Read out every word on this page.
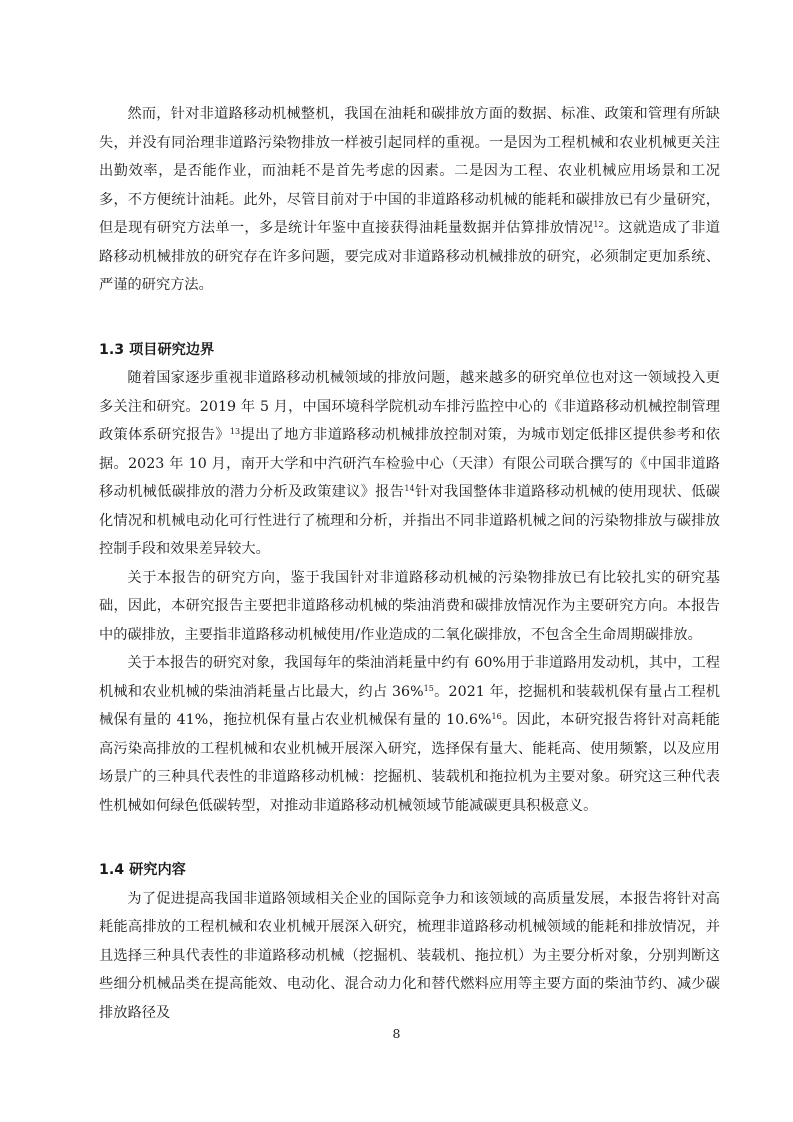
然而，针对非道路移动机械整机，我国在油耗和碳排放方面的数据、标准、政策和管理有所缺失，并没有同治理非道路污染物排放一样被引起同样的重视。一是因为工程机械和农业机械更关注出勤效率，是否能作业，而油耗不是首先考虑的因素。二是因为工程、农业机械应用场景和工况多，不方便统计油耗。此外，尽管目前对于中国的非道路移动机械的能耗和碳排放已有少量研究，但是现有研究方法单一，多是统计年鉴中直接获得油耗量数据并估算排放情况$^{12}$。这就造成了非道路移动机械排放的研究存在许多问题，要完成对非道路移动机械排放的研究，必须制定更加系统、严谨的研究方法。

1.3 项目研究边界

随着国家逐步重视非道路移动机械领域的排放问题，越来越多的研究单位也对这一领域投入更多关注和研究。2019 年 5 月，中国环境科学院机动车排污监控中心的《非道路移动机械控制管理政策体系研究报告》$^{13}$提出了地方非道路移动机械排放控制对策，为城市划定低排区提供参考和依据。2023 年 10 月，南开大学和中汽研汽车检验中心（天津）有限公司联合撰写的《中国非道路移动机械低碳排放的潜力分析及政策建议》报告$^{14}$针对我国整体非道路移动机械的使用现状、低碳化情况和机械电动化可行性进行了梳理和分析，并指出不同非道路机械之间的污染物排放与碳排放控制手段和效果差异较大。

关于本报告的研究方向，鉴于我国针对非道路移动机械的污染物排放已有比较扎实的研究基础，因此，本研究报告主要把非道路移动机械的柴油消费和碳排放情况作为主要研究方向。本报告中的碳排放，主要指非道路移动机械使用/作业造成的二氧化碳排放，不包含全生命周期碳排放。

关于本报告的研究对象，我国每年的柴油消耗量中约有 60%用于非道路用发动机，其中，工程机械和农业机械的柴油消耗量占比最大，约占 36%$^{15}$。2021 年，挖掘机和装载机保有量占工程机械保有量的 41%，拖拉机保有量占农业机械保有量的 10.6%$^{16}$。因此，本研究报告将针对高耗能高污染高排放的工程机械和农业机械开展深入研究，选择保有量大、能耗高、使用频繁，以及应用场景广的三种具代表性的非道路移动机械：挖掘机、装载机和拖拉机为主要对象。研究这三种代表性机械如何绿色低碳转型，对推动非道路移动机械领域节能减碳更具积极意义。

1.4 研究内容

为了促进提高我国非道路领域相关企业的国际竞争力和该领域的高质量发展，本报告将针对高耗能高排放的工程机械和农业机械开展深入研究，梳理非道路移动机械领域的能耗和排放情况，并且选择三种具代表性的非道路移动机械（挖掘机、装载机、拖拉机）为主要分析对象，分别判断这些细分机械品类在提高能效、电动化、混合动力化和替代燃料应用等主要方面的柴油节约、减少碳排放路径及

8
